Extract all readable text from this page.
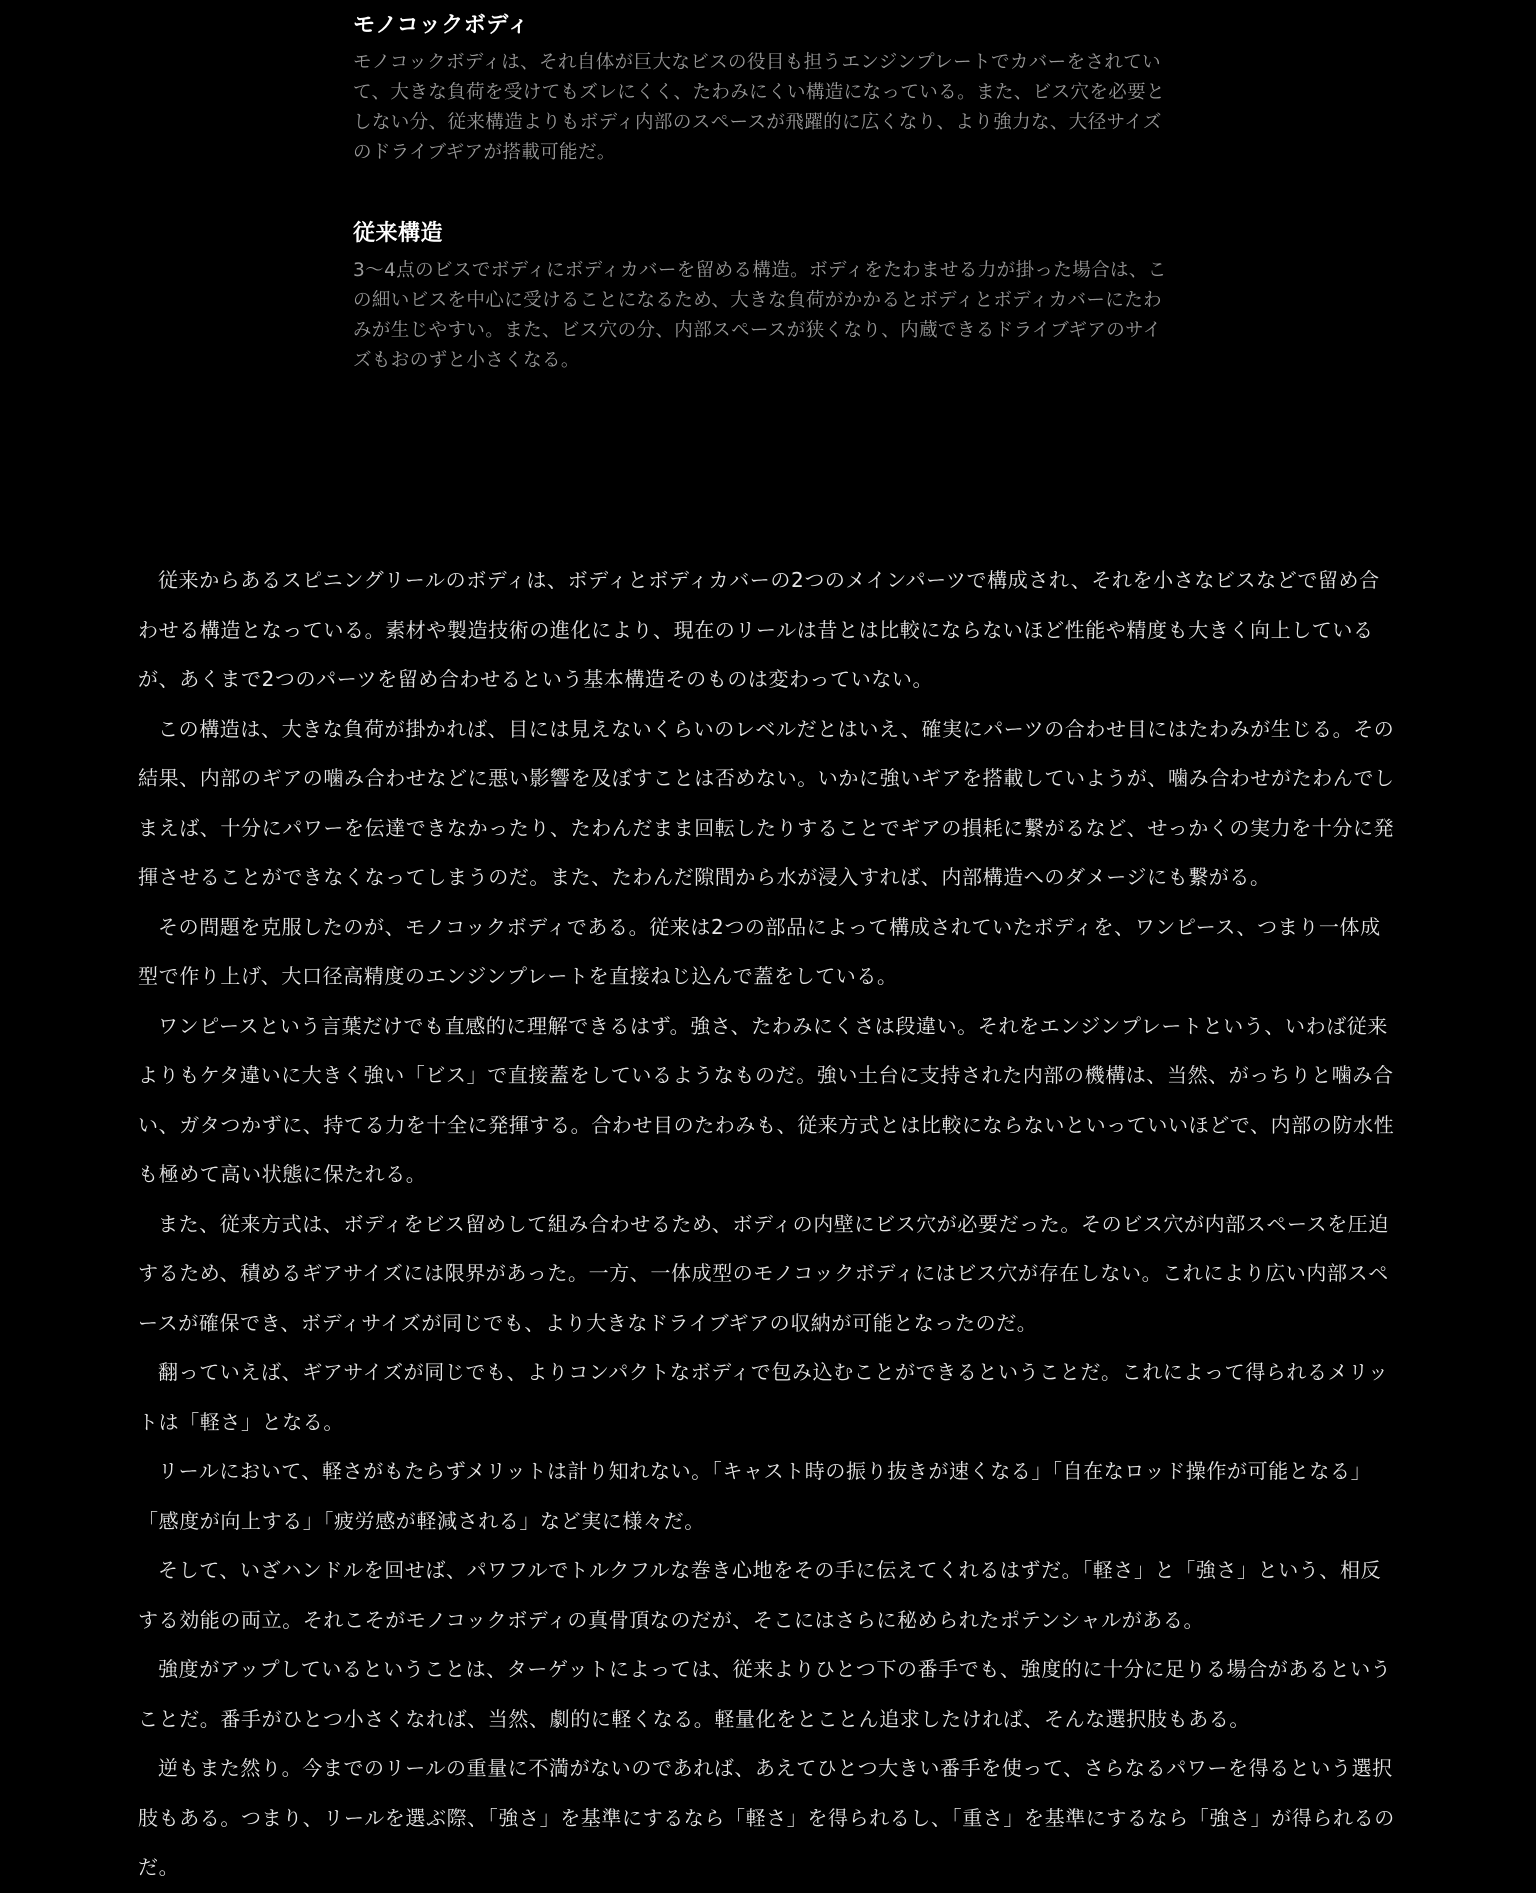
モノコックボディ

モノコックボディは、それ自体が巨大なビスの役目も担うエンジンプレートでカバーをされていて、大きな負荷を受けてもズレにくく、たわみにくい構造になっている。また、ビス穴を必要としない分、従来構造よりもボディ内部のスペースが飛躍的に広くなり、より強力な、大径サイズのドライブギアが搭載可能だ。

従来構造

3〜4点のビスでボディにボディカバーを留める構造。ボディをたわませる力が掛った場合は、この細いビスを中心に受けることになるため、大きな負荷がかかるとボディとボディカバーにたわみが生じやすい。また、ビス穴の分、内部スペースが狭くなり、内蔵できるドライブギアのサイズもおのずと小さくなる。

従来からあるスピニングリールのボディは、ボディとボディカバーの2つのメインパーツで構成され、それを小さなビスなどで留め合わせる構造となっている。素材や製造技術の進化により、現在のリールは昔とは比較にならないほど性能や精度も大きく向上しているが、あくまで2つのパーツを留め合わせるという基本構造そのものは変わっていない。

この構造は、大きな負荷が掛かれば、目には見えないくらいのレベルだとはいえ、確実にパーツの合わせ目にはたわみが生じる。その結果、内部のギアの噛み合わせなどに悪い影響を及ぼすことは否めない。いかに強いギアを搭載していようが、噛み合わせがたわんでしまえば、十分にパワーを伝達できなかったり、たわんだまま回転したりすることでギアの損耗に繋がるなど、せっかくの実力を十分に発揮させることができなくなってしまうのだ。また、たわんだ隙間から水が浸入すれば、内部構造へのダメージにも繋がる。

その問題を克服したのが、モノコックボディである。従来は2つの部品によって構成されていたボディを、ワンピース、つまり一体成型で作り上げ、大口径高精度のエンジンプレートを直接ねじ込んで蓋をしている。

ワンピースという言葉だけでも直感的に理解できるはず。強さ、たわみにくさは段違い。それをエンジンプレートという、いわば従来よりもケタ違いに大きく強い「ビス」で直接蓋をしているようなものだ。強い土台に支持された内部の機構は、当然、がっちりと噛み合い、ガタつかずに、持てる力を十全に発揮する。合わせ目のたわみも、従来方式とは比較にならないといっていいほどで、内部の防水性も極めて高い状態に保たれる。

また、従来方式は、ボディをビス留めして組み合わせるため、ボディの内壁にビス穴が必要だった。そのビス穴が内部スペースを圧迫するため、積めるギアサイズには限界があった。一方、一体成型のモノコックボディにはビス穴が存在しない。これにより広い内部スペースが確保でき、ボディサイズが同じでも、より大きなドライブギアの収納が可能となったのだ。

翻っていえば、ギアサイズが同じでも、よりコンパクトなボディで包み込むことができるということだ。これによって得られるメリットは「軽さ」となる。

リールにおいて、軽さがもたらずメリットは計り知れない。「キャスト時の振り抜きが速くなる」「自在なロッド操作が可能となる」「感度が向上する」「疲労感が軽減される」など実に様々だ。

そして、いざハンドルを回せば、パワフルでトルクフルな巻き心地をその手に伝えてくれるはずだ。「軽さ」と「強さ」という、相反する効能の両立。それこそがモノコックボディの真骨頂なのだが、そこにはさらに秘められたポテンシャルがある。

強度がアップしているということは、ターゲットによっては、従来よりひとつ下の番手でも、強度的に十分に足りる場合があるということだ。番手がひとつ小さくなれば、当然、劇的に軽くなる。軽量化をとことん追求したければ、そんな選択肢もある。

逆もまた然り。今までのリールの重量に不満がないのであれば、あえてひとつ大きい番手を使って、さらなるパワーを得るという選択肢もある。つまり、リールを選ぶ際、「強さ」を基準にするなら「軽さ」を得られるし、「重さ」を基準にするなら「強さ」が得られるのだ。
